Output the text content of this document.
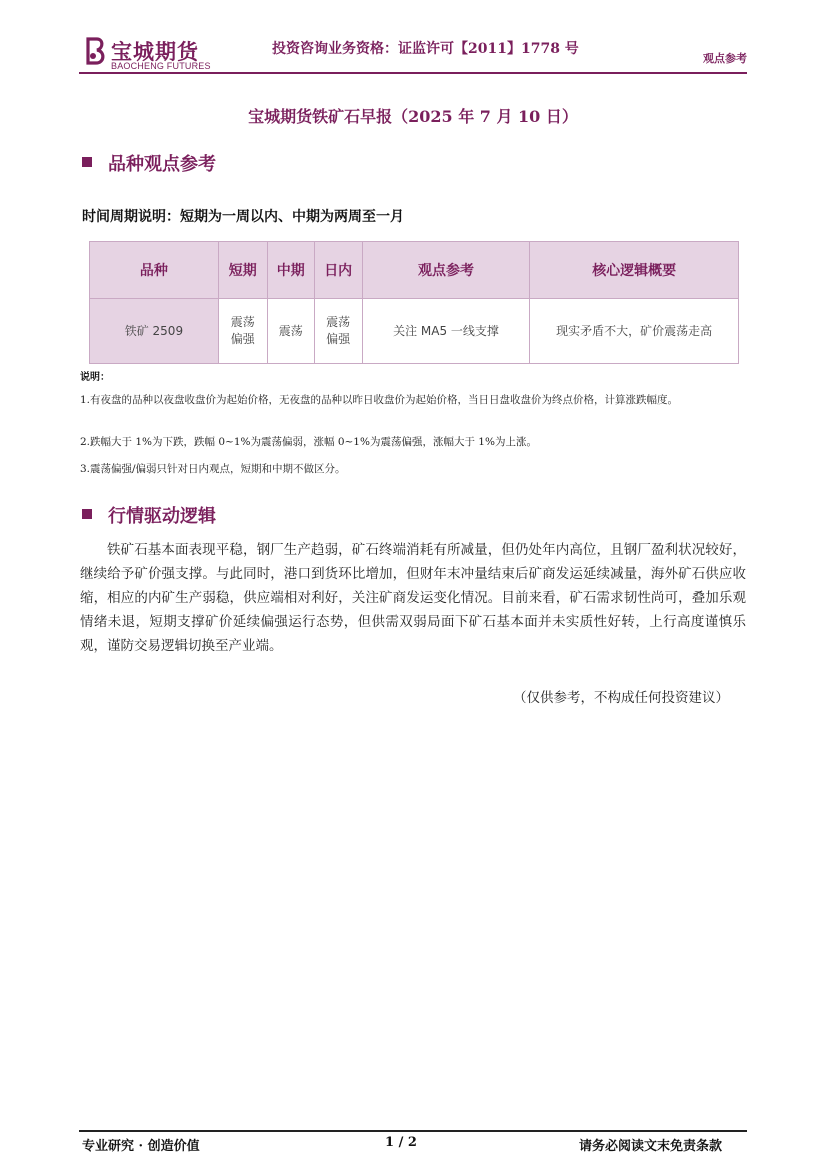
宝城期货
BAOCHENG FUTURES
投资咨询业务资格：证监许可【2011】1778 号
观点参考
宝城期货铁矿石早报（2025 年 7 月 10 日）
品种观点参考
时间周期说明：短期为一周以内、中期为两周至一月
品种	短期	中期	日内	观点参考	核心逻辑概要
铁矿 2509	震荡偏强	震荡	震荡偏强	关注 MA5 一线支撑	现实矛盾不大，矿价震荡走高
说明：
1.有夜盘的品种以夜盘收盘价为起始价格，无夜盘的品种以昨日收盘价为起始价格，当日日盘收盘价为终点价格，计算涨跌幅度。
2.跌幅大于 1%为下跌，跌幅 0~1%为震荡偏弱，涨幅 0~1%为震荡偏强，涨幅大于 1%为上涨。
3.震荡偏强/偏弱只针对日内观点，短期和中期不做区分。
行情驱动逻辑
铁矿石基本面表现平稳，钢厂生产趋弱，矿石终端消耗有所减量，但仍处年内高位，且钢厂盈利状况较好，继续给予矿价强支撑。与此同时，港口到货环比增加，但财年末冲量结束后矿商发运延续减量，海外矿石供应收缩，相应的内矿生产弱稳，供应端相对利好，关注矿商发运变化情况。目前来看，矿石需求韧性尚可，叠加乐观情绪未退，短期支撑矿价延续偏强运行态势，但供需双弱局面下矿石基本面并未实质性好转，上行高度谨慎乐观，谨防交易逻辑切换至产业端。
（仅供参考，不构成任何投资建议）
专业研究 · 创造价值	1 / 2	请务必阅读文末免责条款
